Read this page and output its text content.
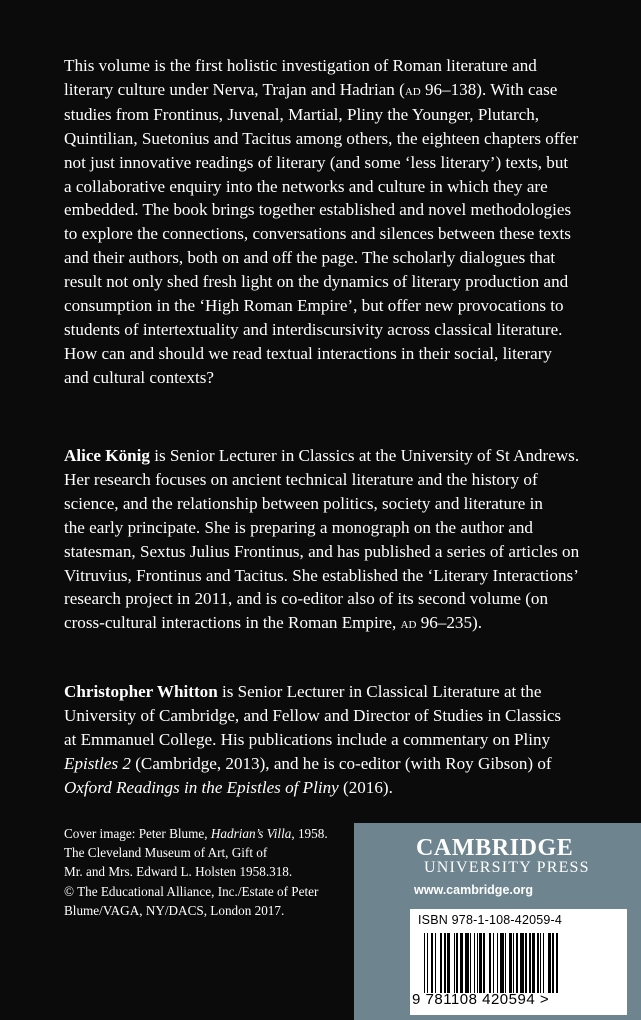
This volume is the first holistic investigation of Roman literature and
literary culture under Nerva, Trajan and Hadrian (ad 96–138). With case
studies from Frontinus, Juvenal, Martial, Pliny the Younger, Plutarch,
Quintilian, Suetonius and Tacitus among others, the eighteen chapters offer
not just innovative readings of literary (and some ‘less literary’) texts, but
a collaborative enquiry into the networks and culture in which they are
embedded. The book brings together established and novel methodologies
to explore the connections, conversations and silences between these texts
and their authors, both on and off the page. The scholarly dialogues that
result not only shed fresh light on the dynamics of literary production and
consumption in the ‘High Roman Empire’, but offer new provocations to
students of intertextuality and interdiscursivity across classical literature.
How can and should we read textual interactions in their social, literary
and cultural contexts?
Alice König is Senior Lecturer in Classics at the University of St Andrews.
Her research focuses on ancient technical literature and the history of
science, and the relationship between politics, society and literature in
the early principate. She is preparing a monograph on the author and
statesman, Sextus Julius Frontinus, and has published a series of articles on
Vitruvius, Frontinus and Tacitus. She established the ‘Literary Interactions’
research project in 2011, and is co-editor also of its second volume (on
cross-cultural interactions in the Roman Empire, ad 96–235).
Christopher Whitton is Senior Lecturer in Classical Literature at the
University of Cambridge, and Fellow and Director of Studies in Classics
at Emmanuel College. His publications include a commentary on Pliny
Epistles 2 (Cambridge, 2013), and he is co-editor (with Roy Gibson) of
Oxford Readings in the Epistles of Pliny (2016).
Cover image: Peter Blume, Hadrian’s Villa, 1958.
The Cleveland Museum of Art, Gift of
Mr. and Mrs. Edward L. Holsten 1958.318.
© The Educational Alliance, Inc./Estate of Peter
Blume/VAGA, NY/DACS, London 2017.
CAMBRIDGE
UNIVERSITY PRESS
www.cambridge.org
ISBN 978-1-108-42059-4
9 781108 420594 >
